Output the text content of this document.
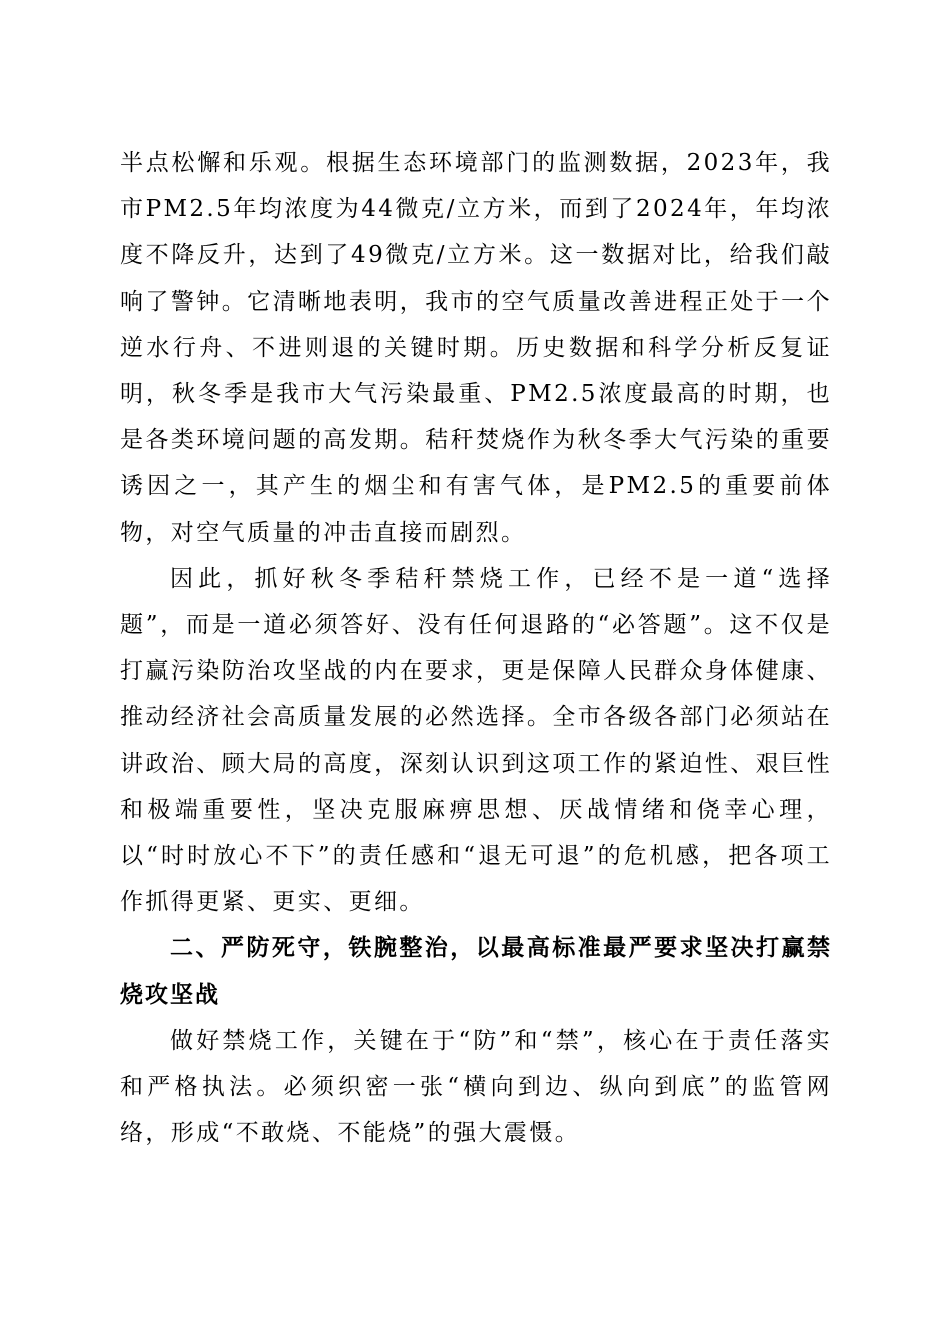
半点松懈和乐观。根据生态环境部门的监测数据，2023年，我市PM2.5年均浓度为44微克/立方米，而到了2024年，年均浓度不降反升，达到了49微克/立方米。这一数据对比，给我们敲响了警钟。它清晰地表明，我市的空气质量改善进程正处于一个逆水行舟、不进则退的关键时期。历史数据和科学分析反复证明，秋冬季是我市大气污染最重、PM2.5浓度最高的时期，也是各类环境问题的高发期。秸秆焚烧作为秋冬季大气污染的重要诱因之一，其产生的烟尘和有害气体，是PM2.5的重要前体物，对空气质量的冲击直接而剧烈。

因此，抓好秋冬季秸秆禁烧工作，已经不是一道“选择题”，而是一道必须答好、没有任何退路的“必答题”。这不仅是打赢污染防治攻坚战的内在要求，更是保障人民群众身体健康、推动经济社会高质量发展的必然选择。全市各级各部门必须站在讲政治、顾大局的高度，深刻认识到这项工作的紧迫性、艰巨性和极端重要性，坚决克服麻痹思想、厌战情绪和侥幸心理，以“时时放心不下”的责任感和“退无可退”的危机感，把各项工作抓得更紧、更实、更细。

二、严防死守，铁腕整治，以最高标准最严要求坚决打赢禁烧攻坚战

做好禁烧工作，关键在于“防”和“禁”，核心在于责任落实和严格执法。必须织密一张“横向到边、纵向到底”的监管网络，形成“不敢烧、不能烧”的强大震慑。
